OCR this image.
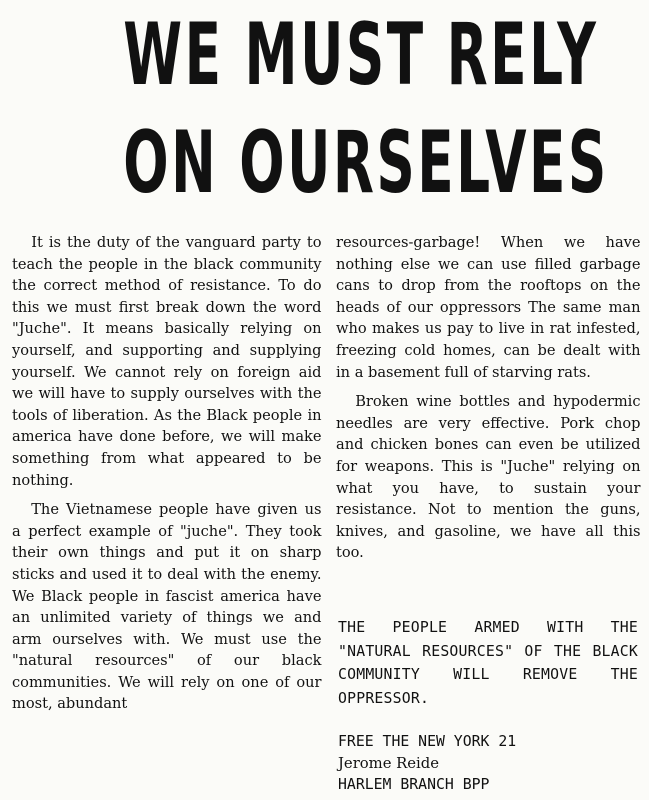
WE MUST RELY
ON OURSELVES

It is the duty of the vanguard party to teach the people in the black community the correct method of resistance. To do this we must first break down the word "Juche". It means basically relying on yourself, and supporting and supplying yourself. We cannot rely on foreign aid we will have to supply ourselves with the tools of liberation. As the Black people in america have done before, we will make something from what appeared to be nothing.

The Vietnamese people have given us a perfect example of "juche". They took their own things and put it on sharp sticks and used it to deal with the enemy. We Black people in fascist america have an unlimited variety of things we and arm ourselves with. We must use the "natural resources" of our black communities. We will rely on one of our most, abundant

resources-garbage! When we have nothing else we can use filled garbage cans to drop from the rooftops on the heads of our oppressors The same man who makes us pay to live in rat infested, freezing cold homes, can be dealt with in a basement full of starving rats.

Broken wine bottles and hypodermic needles are very effective. Pork chop and chicken bones can even be utilized for weapons. This is "Juche" relying on what you have, to sustain your resistance. Not to mention the guns, knives, and gasoline, we have all this too.

THE PEOPLE ARMED WITH THE "NATURAL RESOURCES" OF THE BLACK COMMUNITY WILL REMOVE THE OPPRESSOR.
FREE THE NEW YORK 21
Jerome Reide
HARLEM BRANCH BPP
